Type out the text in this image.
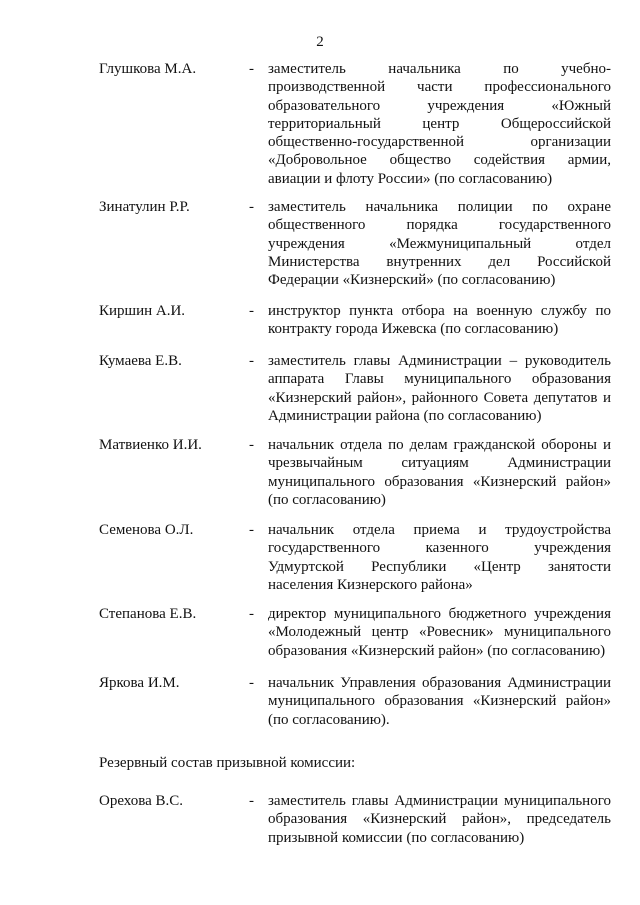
2
Глушкова М.А.	- заместитель начальника по учебно-
производственной части профессионального
образовательного учреждения «Южный
территориальный центр Общероссийской
общественно-государственной организации
«Добровольное общество содействия армии,
авиации и флоту России» (по согласованию)
Зинатулин Р.Р.	- заместитель начальника полиции по охране
общественного порядка государственного
учреждения «Межмуниципальный отдел
Министерства внутренних дел Российской
Федерации «Кизнерский» (по согласованию)
Киршин А.И.	- инструктор пункта отбора на военную службу по
контракту города Ижевска (по согласованию)
Кумаева Е.В.	- заместитель главы Администрации – руководитель
аппарата Главы муниципального образования
«Кизнерский район», районного Совета депутатов и
Администрации района (по согласованию)
Матвиенко И.И.	- начальник отдела по делам гражданской обороны и
чрезвычайным ситуациям Администрации
муниципального образования «Кизнерский район»
(по согласованию)
Семенова О.Л.	- начальник отдела приема и трудоустройства
государственного казенного учреждения
Удмуртской Республики «Центр занятости
населения Кизнерского района»
Степанова Е.В.	- директор муниципального бюджетного учреждения
«Молодежный центр «Ровесник» муниципального
образования «Кизнерский район» (по согласованию)
Яркова И.М.	- начальник Управления образования Администрации
муниципального образования «Кизнерский район»
(по согласованию).
Резервный состав призывной комиссии:
Орехова В.С.	- заместитель главы Администрации муниципального
образования «Кизнерский район», председатель
призывной комиссии (по согласованию)
